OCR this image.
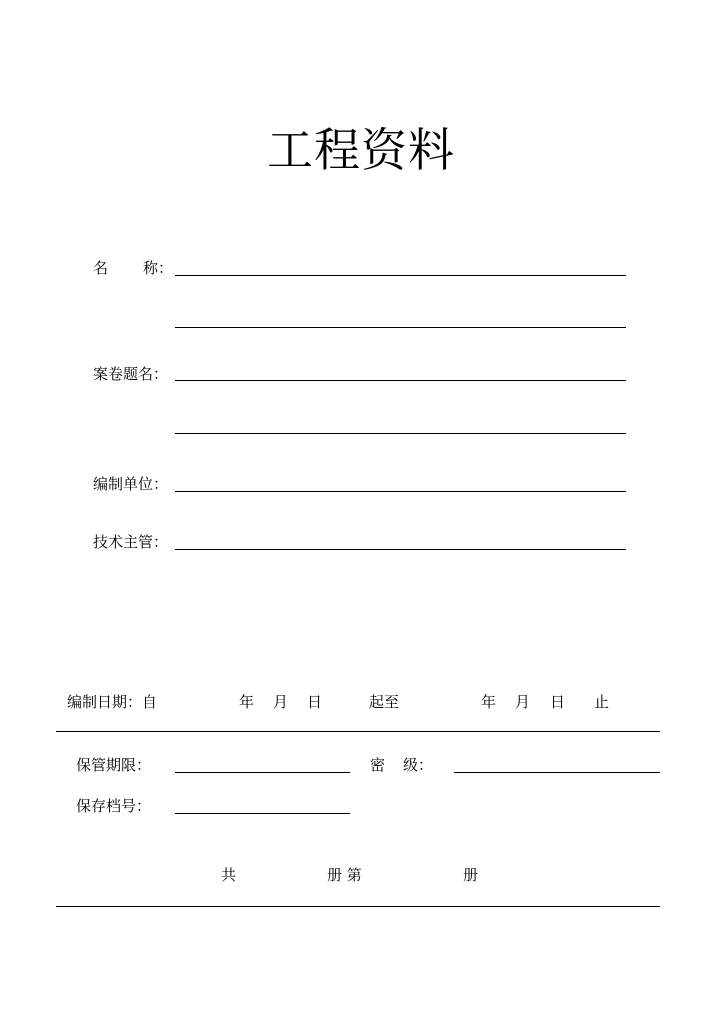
工程资料
名 称：
案卷题名：
编制单位：
技术主管：
编制日期：自	年 月 日	起至	年 月 日 止
保管期限：	密 级：
保存档号：
共	册 第	册
